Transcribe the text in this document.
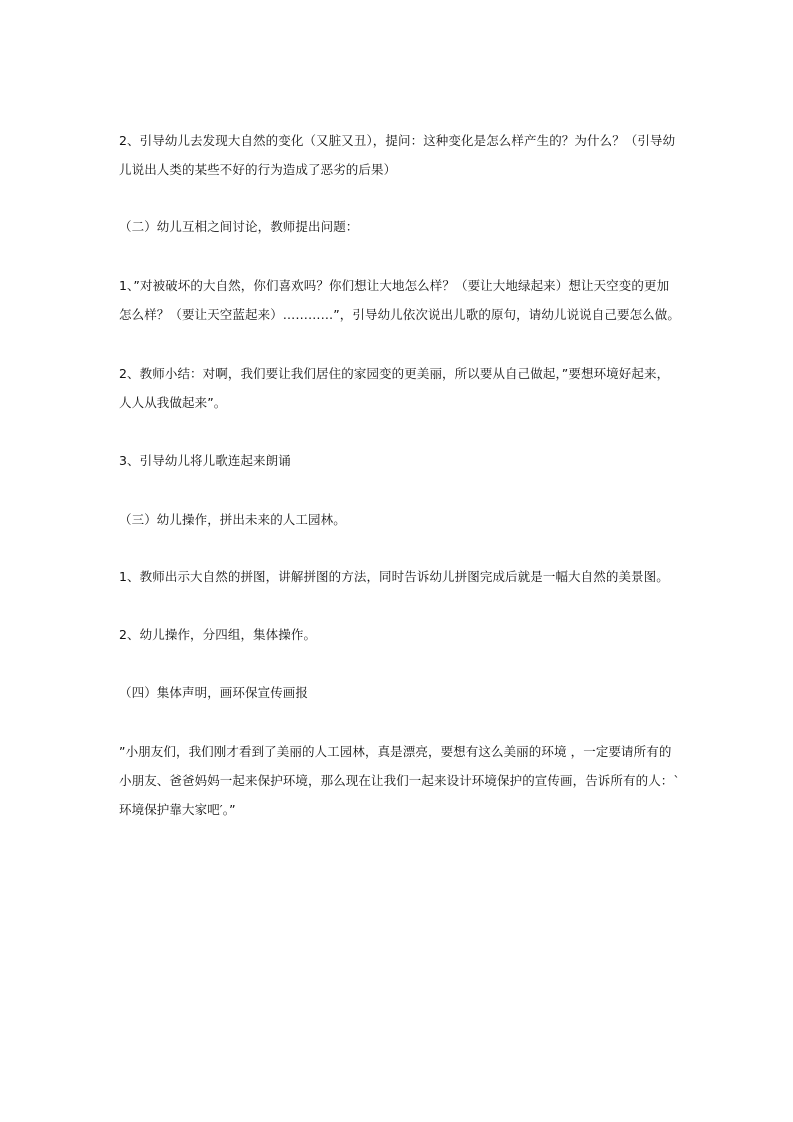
2、引导幼儿去发现大自然的变化（又脏又丑），提问：这种变化是怎么样产生的？为什么？（引导幼儿说出人类的某些不好的行为造成了恶劣的后果）
（二）幼儿互相之间讨论，教师提出问题：
1、”对被破坏的大自然，你们喜欢吗？你们想让大地怎么样？（要让大地绿起来）想让天空变的更加怎么样？（要让天空蓝起来）…………”，引导幼儿依次说出儿歌的原句，请幼儿说说自己要怎么做。
2、教师小结：对啊，我们要让我们居住的家园变的更美丽，所以要从自己做起，”要想环境好起来，人人从我做起来”。
3、引导幼儿将儿歌连起来朗诵
（三）幼儿操作，拼出未来的人工园林。
1、教师出示大自然的拼图，讲解拼图的方法，同时告诉幼儿拼图完成后就是一幅大自然的美景图。
2、幼儿操作，分四组，集体操作。
（四）集体声明，画环保宣传画报
”小朋友们，我们刚才看到了美丽的人工园林，真是漂亮，要想有这么美丽的环境 ，一定要请所有的小朋友、爸爸妈妈一起来保护环境，那么现在让我们一起来设计环境保护的宣传画，告诉所有的人：`环境保护靠大家吧′。”
